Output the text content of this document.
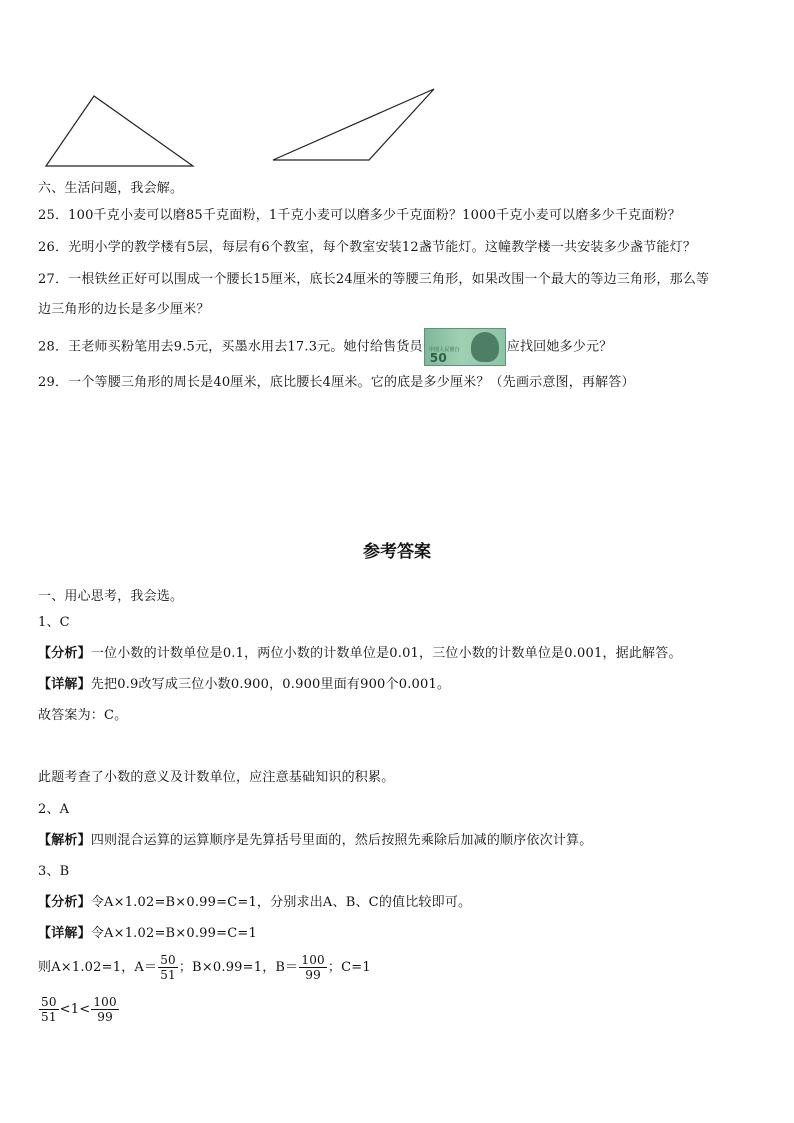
六、生活问题，我会解。
25．100千克小麦可以磨85千克面粉，1千克小麦可以磨多少千克面粉？1000千克小麦可以磨多少千克面粉？
26．光明小学的教学楼有5层，每层有6个教室，每个教室安装12盏节能灯。这幢教学楼一共安装多少盏节能灯？
27．一根铁丝正好可以围成一个腰长15厘米，底长24厘米的等腰三角形，如果改围一个最大的等边三角形，那么等
边三角形的边长是多少厘米？
28．王老师买粉笔用去9.5元，买墨水用去17.3元。她付给售货员 中国人民银行
50
应找回她多少元？
29．一个等腰三角形的周长是40厘米，底比腰长4厘米。它的底是多少厘米？（先画示意图，再解答）
参考答案
一、用心思考，我会选。
1、C
【分析】一位小数的计数单位是0.1，两位小数的计数单位是0.01，三位小数的计数单位是0.001，据此解答。
【详解】先把0.9改写成三位小数0.900，0.900里面有900个0.001。
故答案为：C。
此题考查了小数的意义及计数单位，应注意基础知识的积累。
2、A
【解析】四则混合运算的运算顺序是先算括号里面的，然后按照先乘除后加减的顺序依次计算。
3、B
【分析】令A×1.02=B×0.99=C=1，分别求出A、B、C的值比较即可。
【详解】令A×1.02=B×0.99=C=1
则A×1.02=1，$A= \frac{50}{51}$ ；B×0.99=1，$B= \frac{100}{99}$ ；C=1
$\frac{50}{51} <1< \frac{100}{99}$
